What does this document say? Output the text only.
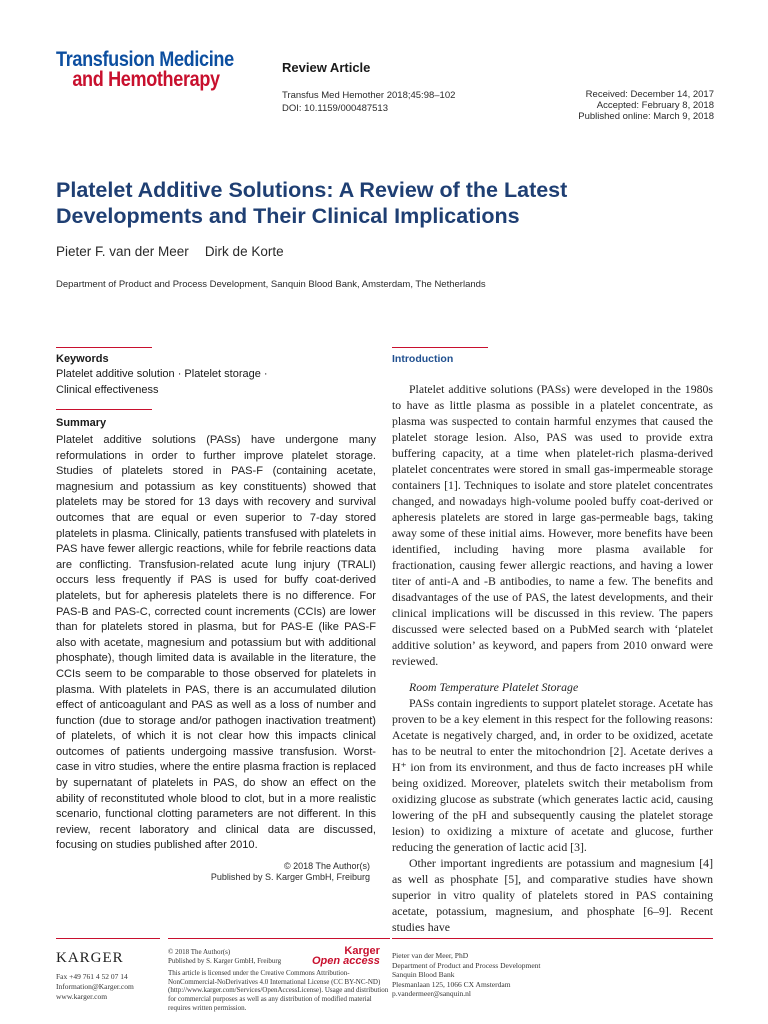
Transfusion Medicine
and Hemotherapy
Review Article
Transfus Med Hemother 2018;45:98–102
DOI: 10.1159/000487513
Received: December 14, 2017
Accepted: February 8, 2018
Published online: March 9, 2018
Platelet Additive Solutions: A Review of the Latest Developments and Their Clinical Implications
Pieter F. van der Meer Dirk de Korte
Department of Product and Process Development, Sanquin Blood Bank, Amsterdam, The Netherlands
Keywords

Platelet additive solution · Platelet storage ·

Clinical effectiveness

Summary

Platelet additive solutions (PASs) have undergone many reformulations in order to further improve platelet storage. Studies of platelets stored in PAS-F (containing acetate, magnesium and potassium as key constituents) showed that platelets may be stored for 13 days with recovery and survival outcomes that are equal or even superior to 7-day stored platelets in plasma. Clinically, patients transfused with platelets in PAS have fewer allergic reactions, while for febrile reactions data are conflicting. Transfusion-related acute lung injury (TRALI) occurs less frequently if PAS is used for buffy coat-derived platelets, but for apheresis platelets there is no difference. For PAS-B and PAS-C, corrected count increments (CCIs) are lower than for platelets stored in plasma, but for PAS-E (like PAS-F also with acetate, magnesium and potassium but with additional phosphate), though limited data is available in the literature, the CCIs seem to be comparable to those observed for platelets in plasma. With platelets in PAS, there is an accumulated dilution effect of anticoagulant and PAS as well as a loss of number and function (due to storage and/or pathogen inactivation treatment) of platelets, of which it is not clear how this impacts clinical outcomes of patients undergoing massive transfusion. Worst-case in vitro studies, where the entire plasma fraction is replaced by supernatant of platelets in PAS, do show an effect on the ability of reconstituted whole blood to clot, but in a more realistic scenario, functional clotting parameters are not different. In this review, recent laboratory and clinical data are discussed, focusing on studies published after 2010.

© 2018 The Author(s)
Published by S. Karger GmbH, Freiburg
Introduction

Platelet additive solutions (PASs) were developed in the 1980s to have as little plasma as possible in a platelet concentrate, as plasma was suspected to contain harmful enzymes that caused the platelet storage lesion. Also, PAS was used to provide extra buffering capacity, at a time when platelet-rich plasma-derived platelet concentrates were stored in small gas-impermeable storage containers [1]. Techniques to isolate and store platelet concentrates changed, and nowadays high-volume pooled buffy coat-derived or apheresis platelets are stored in large gas-permeable bags, taking away some of these initial aims. However, more benefits have been identified, including having more plasma available for fractionation, causing fewer allergic reactions, and having a lower titer of anti-A and -B antibodies, to name a few. The benefits and disadvantages of the use of PAS, the latest developments, and their clinical implications will be discussed in this review. The papers discussed were selected based on a PubMed search with ‘platelet additive solution’ as keyword, and papers from 2010 onward were reviewed.

Room Temperature Platelet Storage

PASs contain ingredients to support platelet storage. Acetate has proven to be a key element in this respect for the following reasons: Acetate is negatively charged, and, in order to be oxidized, acetate has to be neutral to enter the mitochondrion [2]. Acetate derives a H⁺ ion from its environment, and thus de facto increases pH while being oxidized. Moreover, platelets switch their metabolism from oxidizing glucose as substrate (which generates lactic acid, causing lowering of the pH and subsequently causing the platelet storage lesion) to oxidizing a mixture of acetate and glucose, further reducing the generation of lactic acid [3].

Other important ingredients are potassium and magnesium [4] as well as phosphate [5], and comparative studies have shown superior in vitro quality of platelets stored in PAS containing acetate, potassium, magnesium, and phosphate [6–9]. Recent studies have

KARGER
Fax +49 761 4 52 07 14
Information@Karger.com
www.karger.com
© 2018 The Author(s)
Published by S. Karger GmbH, Freiburg
This article is licensed under the Creative Commons Attribution-NonCommercial-NoDerivatives 4.0 International License (CC BY-NC-ND) (http://www.karger.com/Services/OpenAccessLicense). Usage and distribution for commercial purposes as well as any distribution of modified material requires written permission.
Karger
Open access Pieter van der Meer, PhD
Department of Product and Process Development
Sanquin Blood Bank
Plesmanlaan 125, 1066 CX Amsterdam
p.vandermeer@sanquin.nl
